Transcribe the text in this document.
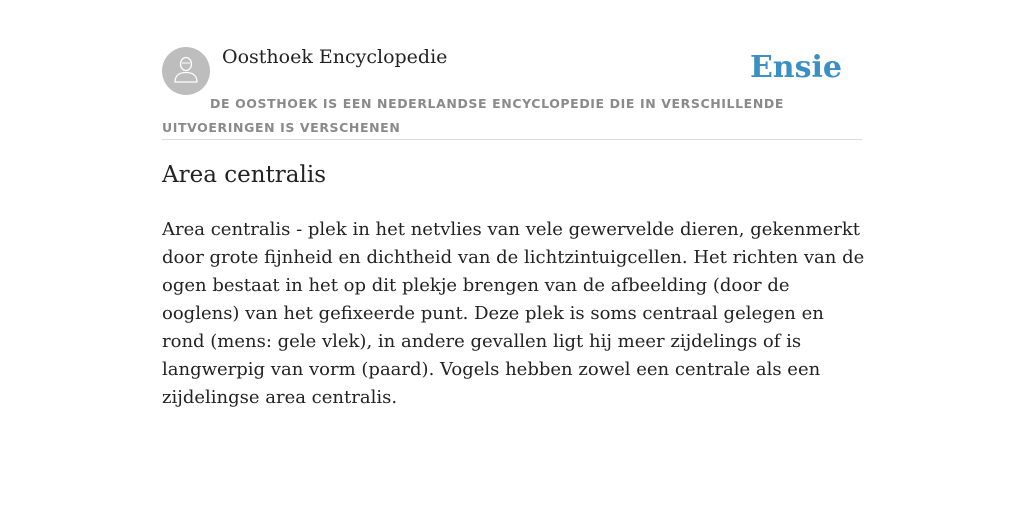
Oosthoek Encyclopedie	Ensie
DE OOSTHOEK IS EEN NEDERLANDSE ENCYCLOPEDIE DIE IN VERSCHILLENDE UITVOERINGEN IS VERSCHENEN
Area centralis

Area centralis - plek in het netvlies van vele gewervelde dieren, gekenmerkt door grote fijnheid en dichtheid van de lichtzintuigcellen. Het richten van de ogen bestaat in het op dit plekje brengen van de afbeelding (door de ooglens) van het gefixeerde punt. Deze plek is soms centraal gelegen en rond (mens: gele vlek), in andere gevallen ligt hij meer zijdelings of is langwerpig van vorm (paard). Vogels hebben zowel een centrale als een zijdelingse area centralis.
